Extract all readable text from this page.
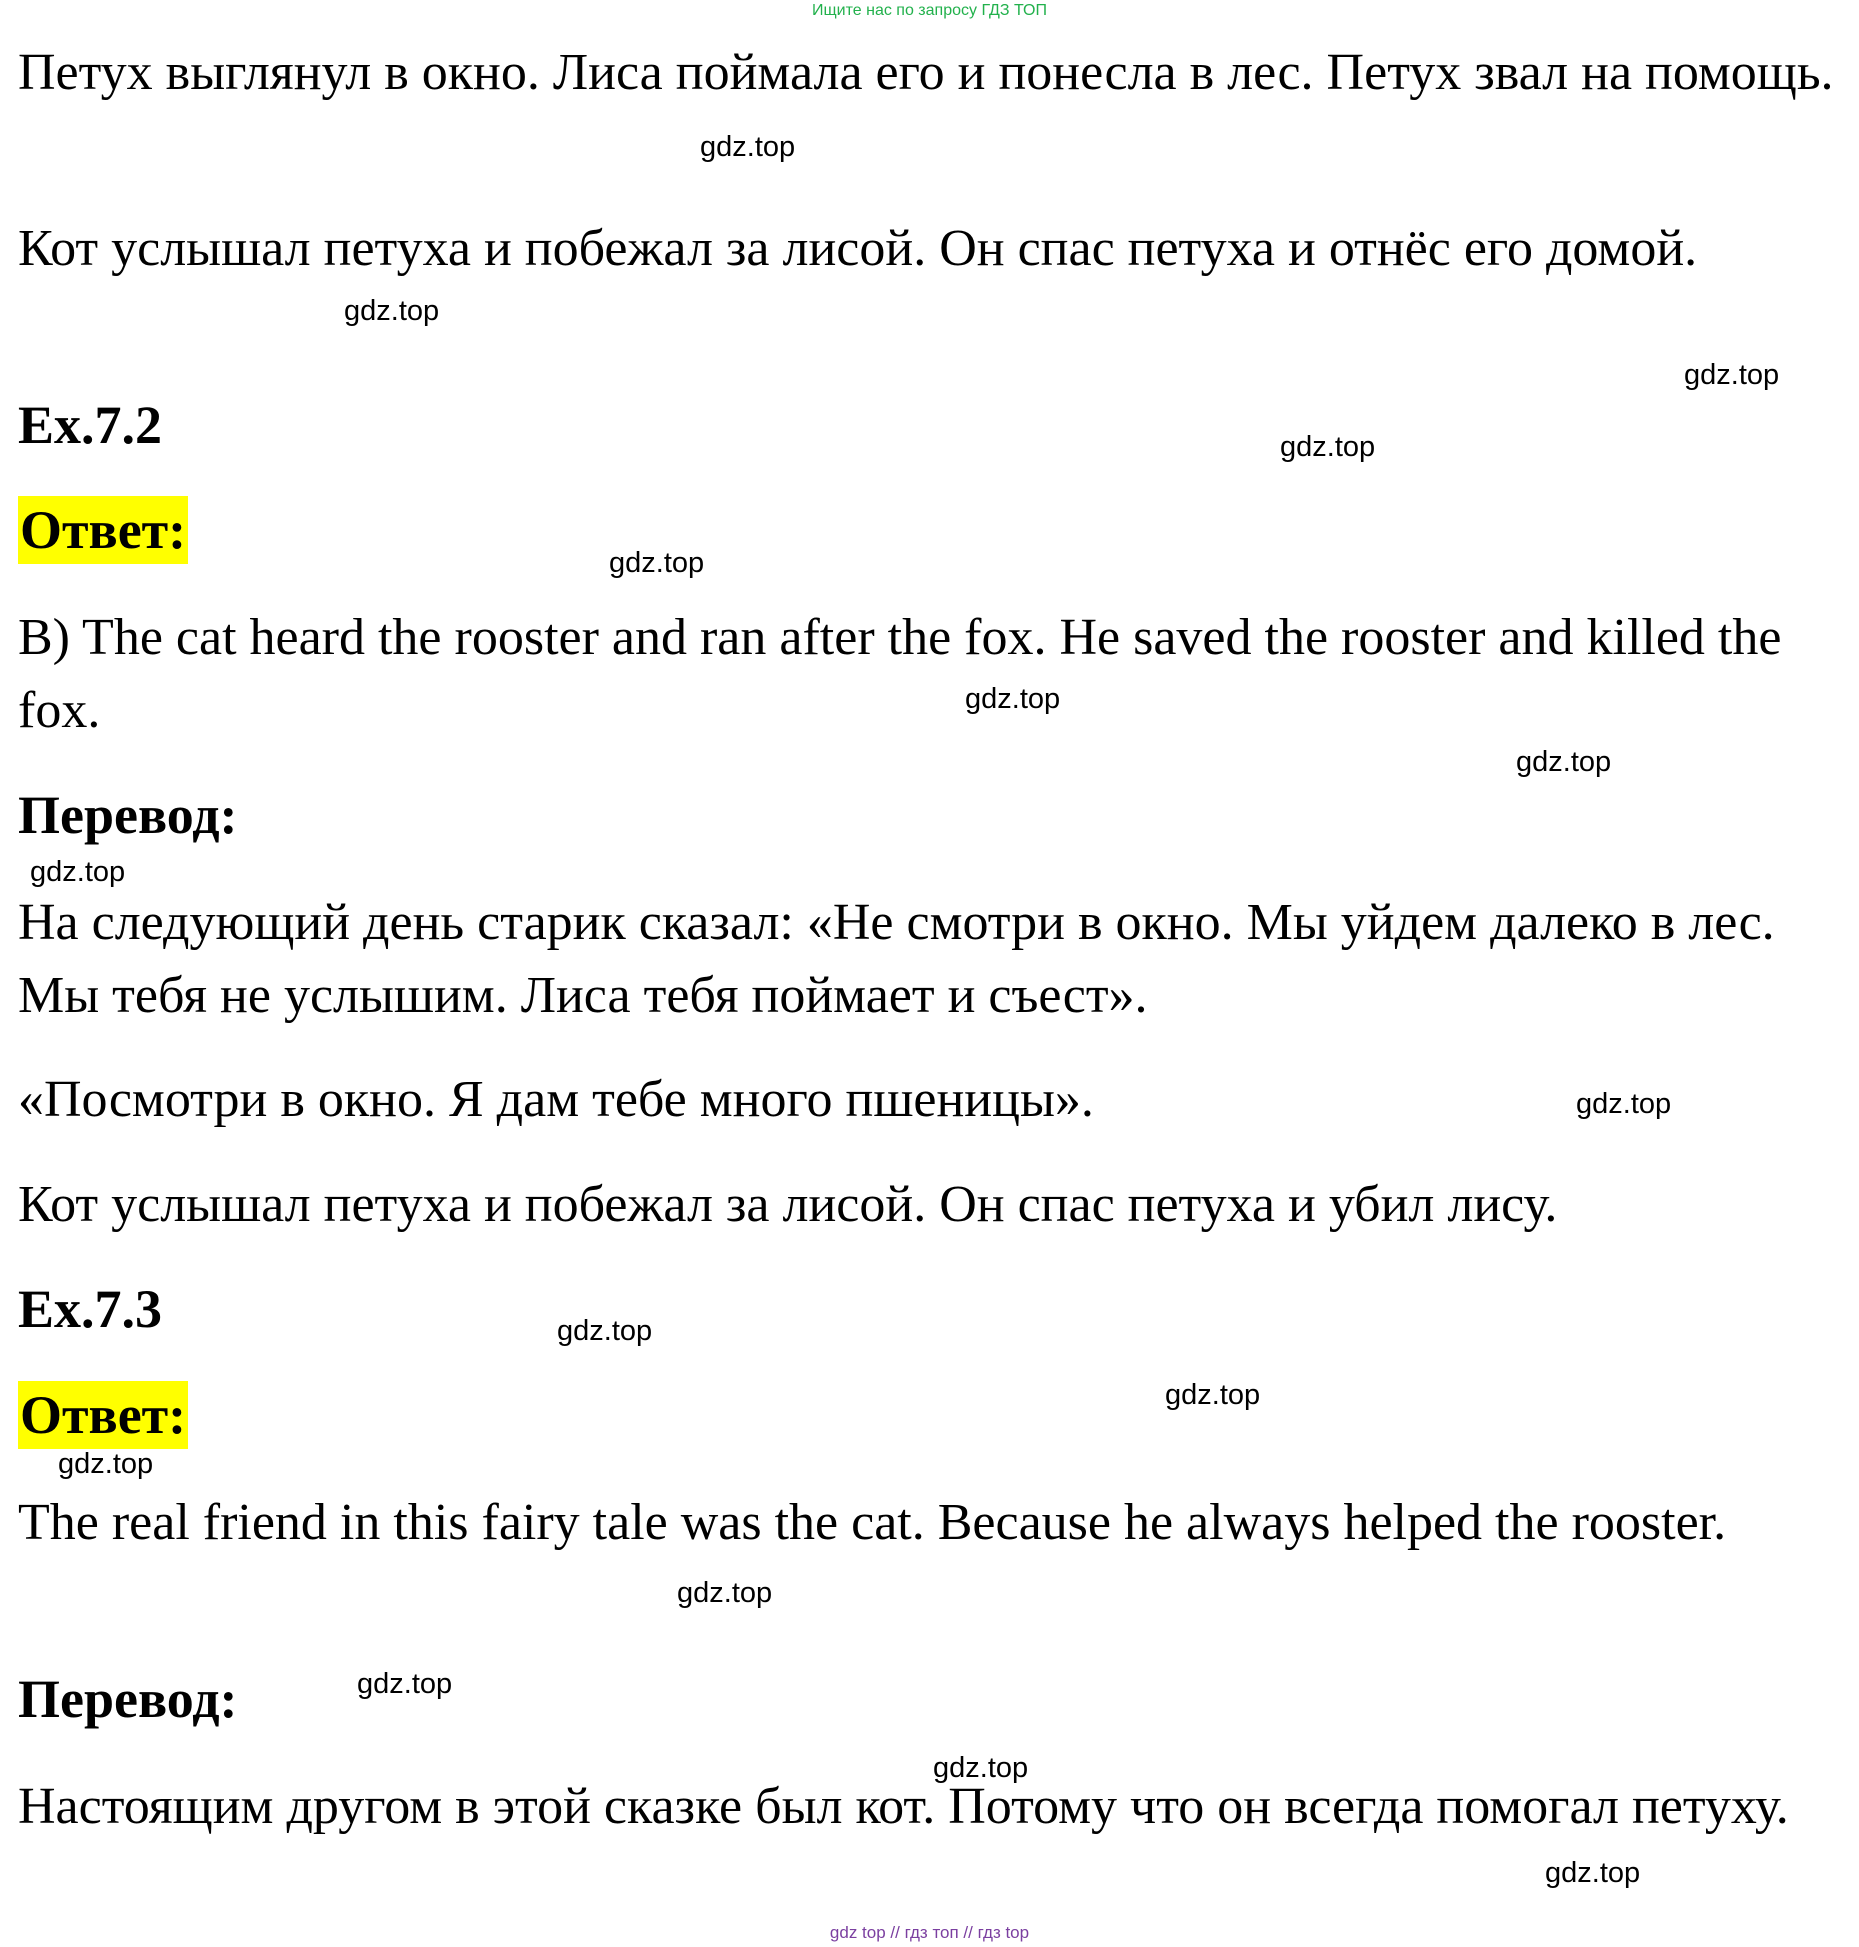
Ищите нас по запросу ГДЗ ТОП

Петух выглянул в окно. Лиса поймала его и понесла в лес. Петух звал на помощь.

Кот услышал петуха и побежал за лисой. Он спас петуха и отнёс его домой.

Ex.7.2

Ответ:

B) The cat heard the rooster and ran after the fox. He saved the rooster and killed the fox.

Перевод:

На следующий день старик сказал: «Не смотри в окно. Мы уйдем далеко в лес. Мы тебя не услышим. Лиса тебя поймает и съест».

«Посмотри в окно. Я дам тебе много пшеницы».

Кот услышал петуха и побежал за лисой. Он спас петуха и убил лису.

Ex.7.3

Ответ:

The real friend in this fairy tale was the cat. Because he always helped the rooster.

Перевод:

Настоящим другом в этой сказке был кот. Потому что он всегда помогал петуху.

gdz.top
gdz.top
gdz.top
gdz.top
gdz.top
gdz.top
gdz.top
gdz.top
gdz.top
gdz.top
gdz.top
gdz.top
gdz.top
gdz.top
gdz.top
gdz.top
gdz top // гдз топ // гдз top
